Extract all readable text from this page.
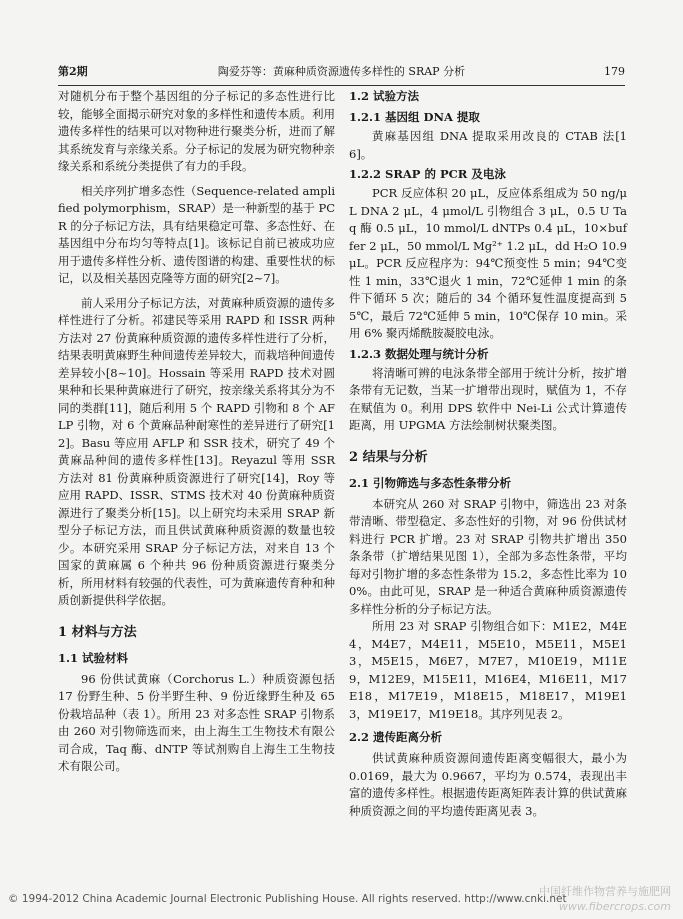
第2期	陶爱芬等：黄麻种质资源遗传多样性的 SRAP 分析	179

对随机分布于整个基因组的分子标记的多态性进行比较，能够全面揭示研究对象的多样性和遗传本质。利用遗传多样性的结果可以对物种进行聚类分析，进而了解其系统发育与亲缘关系。分子标记的发展为研究物种亲缘关系和系统分类提供了有力的手段。

相关序列扩增多态性（Sequence-related amplified polymorphism，SRAP）是一种新型的基于 PCR 的分子标记方法，具有结果稳定可靠、多态性好、在基因组中分布均匀等特点[1]。该标记自前已被成功应用于遗传多样性分析、遗传图谱的构建、重要性状的标记，以及相关基因克隆等方面的研究[2~7]。

前人采用分子标记方法，对黄麻种质资源的遗传多样性进行了分析。祁建民等采用 RAPD 和 ISSR 两种方法对 27 份黄麻种质资源的遗传多样性进行了分析，结果表明黄麻野生种间遗传差异较大，而栽培种间遗传差异较小[8~10]。Hossain 等采用 RAPD 技术对圆果种和长果种黄麻进行了研究，按亲缘关系将其分为不同的类群[11]，随后利用 5 个 RAPD 引物和 8 个 AFLP 引物，对 6 个黄麻品种耐寒性的差异进行了研究[12]。Basu 等应用 AFLP 和 SSR 技术，研究了 49 个黄麻品种间的遗传多样性[13]。Reyazul 等用 SSR 方法对 81 份黄麻种质资源进行了研究[14]，Roy 等应用 RAPD、ISSR、STMS 技术对 40 份黄麻种质资源进行了聚类分析[15]。以上研究均未采用 SRAP 新型分子标记方法，而且供试黄麻种质资源的数量也较少。本研究采用 SRAP 分子标记方法，对来自 13 个国家的黄麻属 6 个种共 96 份种质资源进行聚类分析，所用材料有较强的代表性，可为黄麻遗传育种和种质创新提供科学依据。

1 材料与方法
1.1 试验材料

96 份供试黄麻（Corchorus L.）种质资源包括 17 份野生种、5 份半野生种、9 份近缘野生种及 65 份栽培品种（表 1）。所用 23 对多态性 SRAP 引物系由 260 对引物筛选而来，由上海生工生物技术有限公司合成，Taq 酶、dNTP 等试剂购自上海生工生物技术有限公司。

1.2 试验方法
1.2.1 基因组 DNA 提取

黄麻基因组 DNA 提取采用改良的 CTAB 法[16]。

1.2.2 SRAP 的 PCR 及电泳

PCR 反应体积 20 μL，反应体系组成为 50 ng/μL DNA 2 μL，4 μmol/L 引物组合 3 μL，0.5 U Taq 酶 0.5 μL，10 mmol/L dNTPs 0.4 μL，10×buffer 2 μL，50 mmol/L Mg²⁺ 1.2 μL，dd H₂O 10.9 μL。PCR 反应程序为：94℃预变性 5 min；94℃变性 1 min，33℃退火 1 min，72℃延伸 1 min 的条件下循环 5 次；随后的 34 个循环复性温度提高到 55℃，最后 72℃延伸 5 min，10℃保存 10 min。采用 6% 聚丙烯酰胺凝胶电泳。

1.2.3 数据处理与统计分析

将清晰可辨的电泳条带全部用于统计分析，按扩增条带有无记数，当某一扩增带出现时，赋值为 1，不存在赋值为 0。利用 DPS 软件中 Nei-Li 公式计算遗传距离，用 UPGMA 方法绘制树状聚类图。

2 结果与分析
2.1 引物筛选与多态性条带分析

本研究从 260 对 SRAP 引物中，筛选出 23 对条带清晰、带型稳定、多态性好的引物，对 96 份供试材料进行 PCR 扩增。23 对 SRAP 引物共扩增出 350 条条带（扩增结果见图 1），全部为多态性条带，平均每对引物扩增的多态性条带为 15.2，多态性比率为 100%。由此可见，SRAP 是一种适合黄麻种质资源遗传多样性分析的分子标记方法。

所用 23 对 SRAP 引物组合如下：M1E2，M4E4，M4E7，M4E11，M5E10，M5E11，M5E13，M5E15，M6E7，M7E7，M10E19，M11E9，M12E9，M15E11，M16E4，M16E11，M17E18，M17E19，M18E15，M18E17，M19E13，M19E17，M19E18。其序列见表 2。

2.2 遗传距离分析

供试黄麻种质资源间遗传距离变幅很大，最小为 0.0169，最大为 0.9667，平均为 0.574，表现出丰富的遗传多样性。根据遗传距离矩阵表计算的供试黄麻种质资源之间的平均遗传距离见表 3。

© 1994-2012 China Academic Journal Electronic Publishing House. All rights reserved. http://www.cnki.net
中国纤维作物营养与施肥网
www.fibercrops.com
